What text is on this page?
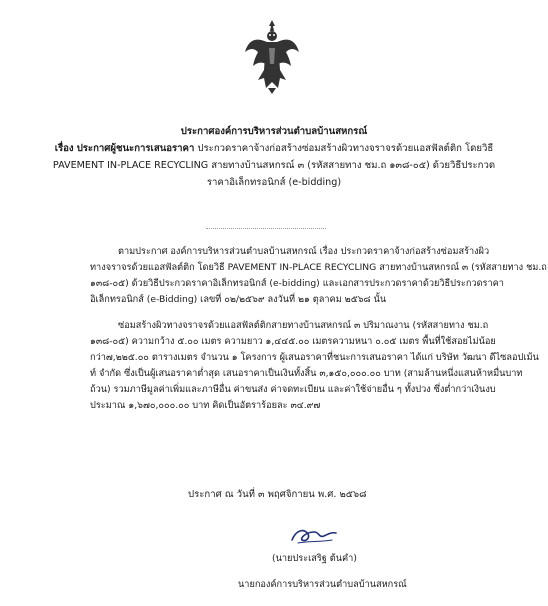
ประกาศองค์การบริหารส่วนตำบลบ้านสหกรณ์
เรื่อง ประกาศผู้ชนะการเสนอราคา ประกวดราคาจ้างก่อสร้างซ่อมสร้างผิวทางจราจรด้วยแอสฟัลต์ติก โดยวิธี
PAVEMENT IN-PLACE RECYCLING สายทางบ้านสหกรณ์ ๓ (รหัสสายทาง ชม.ถ ๑๓๘-๐๕) ด้วยวิธีประกวด
ราคาอิเล็กทรอนิกส์ (e-bidding)
ตามประกาศ องค์การบริหารส่วนตำบลบ้านสหกรณ์ เรื่อง ประกวดราคาจ้างก่อสร้างซ่อมสร้างผิว
ทางจราจรด้วยแอสฟัลต์ติก โดยวิธี PAVEMENT IN-PLACE RECYCLING สายทางบ้านสหกรณ์ ๓ (รหัสสายทาง ชม.ถ
๑๓๘-๐๕) ด้วยวิธีประกวดราคาอิเล็กทรอนิกส์ (e-bidding) และเอกสารประกวดราคาด้วยวิธีประกวดราคา
อิเล็กทรอนิกส์ (e-Bidding) เลขที่ ๐๒/๒๕๖๙ ลงวันที่ ๒๑ ตุลาคม ๒๕๖๘ นั้น
ซ่อมสร้างผิวทางจราจรด้วยแอสฟัลต์ติกสายทางบ้านสหกรณ์ ๓ ปริมาณงาน (รหัสสายทาง ชม.ถ
๑๓๘-๐๕) ความกว้าง ๕.๐๐ เมตร ความยาว ๑,๔๔๕.๐๐ เมตรความหนา ๐.๐๕ เมตร พื้นที่ใช้สอยไม่น้อย
กว่า๗,๒๒๕.๐๐ ตารางเมตร จำนวน ๑ โครงการ ผู้เสนอราคาที่ชนะการเสนอราคา ได้แก่ บริษัท วัฒนา ดีไซลอปเม้น
ท์ จำกัด ซึ่งเป็นผู้เสนอราคาต่ำสุด เสนอราคาเป็นเงินทั้งสิ้น ๓,๑๕๐,๐๐๐.๐๐ บาท (สามล้านหนึ่งแสนห้าหมื่นบาท
ถ้วน) รวมภาษีมูลค่าเพิ่มและภาษีอื่น ค่าขนส่ง ค่าจดทะเบียน และค่าใช้จ่ายอื่น ๆ ทั้งปวง ซึ่งต่ำกว่าเงินงบ
ประมาณ ๑,๖๗๐,๐๐๐.๐๐ บาท คิดเป็นอัตราร้อยละ ๓๔.๙๗
ประกาศ ณ วันที่ ๓ พฤศจิกายน พ.ศ. ๒๕๖๘
(นายประเสริฐ ต้นคำ)
นายกองค์การบริหารส่วนตำบลบ้านสหกรณ์
